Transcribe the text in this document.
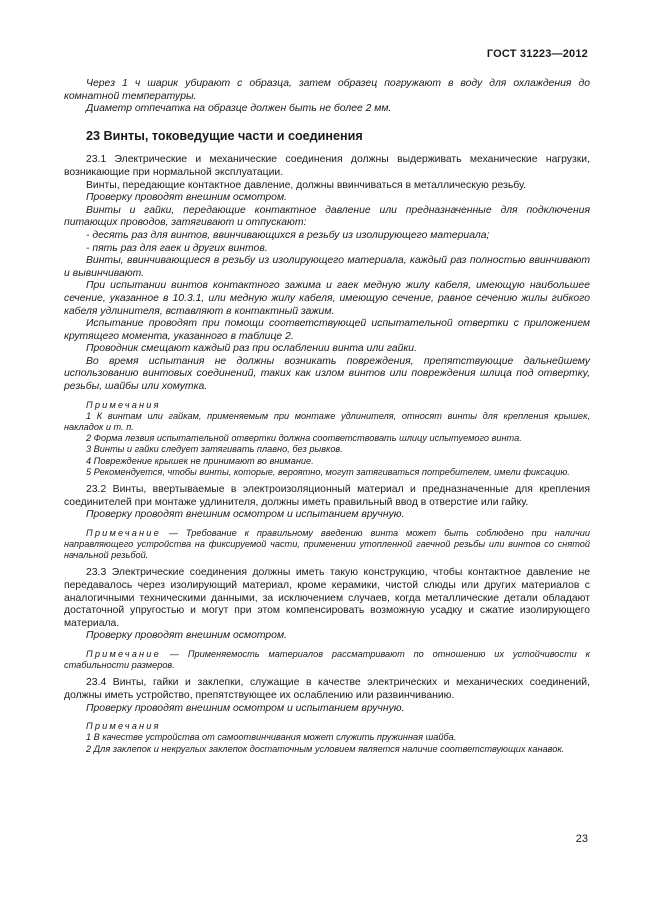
ГОСТ 31223—2012

Через 1 ч шарик убирают с образца, затем образец погружают в воду для охлаждения до комнатной температуры.

Диаметр отпечатка на образце должен быть не более 2 мм.

23 Винты, токоведущие части и соединения

23.1 Электрические и механические соединения должны выдерживать механические нагрузки, возникающие при нормальной эксплуатации.

Винты, передающие контактное давление, должны ввинчиваться в металлическую резьбу.

Проверку проводят внешним осмотром.

Винты и гайки, передающие контактное давление или предназначенные для подключения питающих проводов, затягивают и отпускают:

- десять раз для винтов, ввинчивающихся в резьбу из изолирующего материала;

- пять раз для гаек и других винтов.

Винты, ввинчивающиеся в резьбу из изолирующего материала, каждый раз полностью ввинчивают и вывинчивают.

При испытании винтов контактного зажима и гаек медную жилу кабеля, имеющую наибольшее сечение, указанное в 10.3.1, или медную жилу кабеля, имеющую сечение, равное сечению жилы гибкого кабеля удлинителя, вставляют в контактный зажим.

Испытание проводят при помощи соответствующей испытательной отвертки с приложением крутящего момента, указанного в таблице 2.

Проводник смещают каждый раз при ослаблении винта или гайки.

Во время испытания не должны возникать повреждения, препятствующие дальнейшему использованию винтовых соединений, таких как излом винтов или повреждения шлица под отвертку, резьбы, шайбы или хомутка.

Примечания

1 К винтам или гайкам, применяемым при монтаже удлинителя, относят винты для крепления крышек, накладок и т. п.

2 Форма лезвия испытательной отвертки должна соответствовать шлицу испытуемого винта.

3 Винты и гайки следует затягивать плавно, без рывков.

4 Повреждение крышек не принимают во внимание.

5 Рекомендуется, чтобы винты, которые, вероятно, могут затягиваться потребителем, имели фиксацию.

23.2 Винты, ввертываемые в электроизоляционный материал и предназначенные для крепления соединителей при монтаже удлинителя, должны иметь правильный ввод в отверстие или гайку.

Проверку проводят внешним осмотром и испытанием вручную.

Примечание — Требование к правильному введению винта может быть соблюдено при наличии направляющего устройства на фиксируемой части, применении утопленной гаечной резьбы или винтов со снятой начальной резьбой.

23.3 Электрические соединения должны иметь такую конструкцию, чтобы контактное давление не передавалось через изолирующий материал, кроме керамики, чистой слюды или других материалов с аналогичными техническими данными, за исключением случаев, когда металлические детали обладают достаточной упругостью и могут при этом компенсировать возможную усадку и сжатие изолирующего материала.

Проверку проводят внешним осмотром.

Примечание — Применяемость материалов рассматривают по отношению их устойчивости к стабильности размеров.

23.4 Винты, гайки и заклепки, служащие в качестве электрических и механических соединений, должны иметь устройство, препятствующее их ослаблению или развинчиванию.

Проверку проводят внешним осмотром и испытанием вручную.

Примечания

1 В качестве устройства от самоотвинчивания может служить пружинная шайба.

2 Для заклепок и некруглых заклепок достаточным условием является наличие соответствующих канавок.

23
